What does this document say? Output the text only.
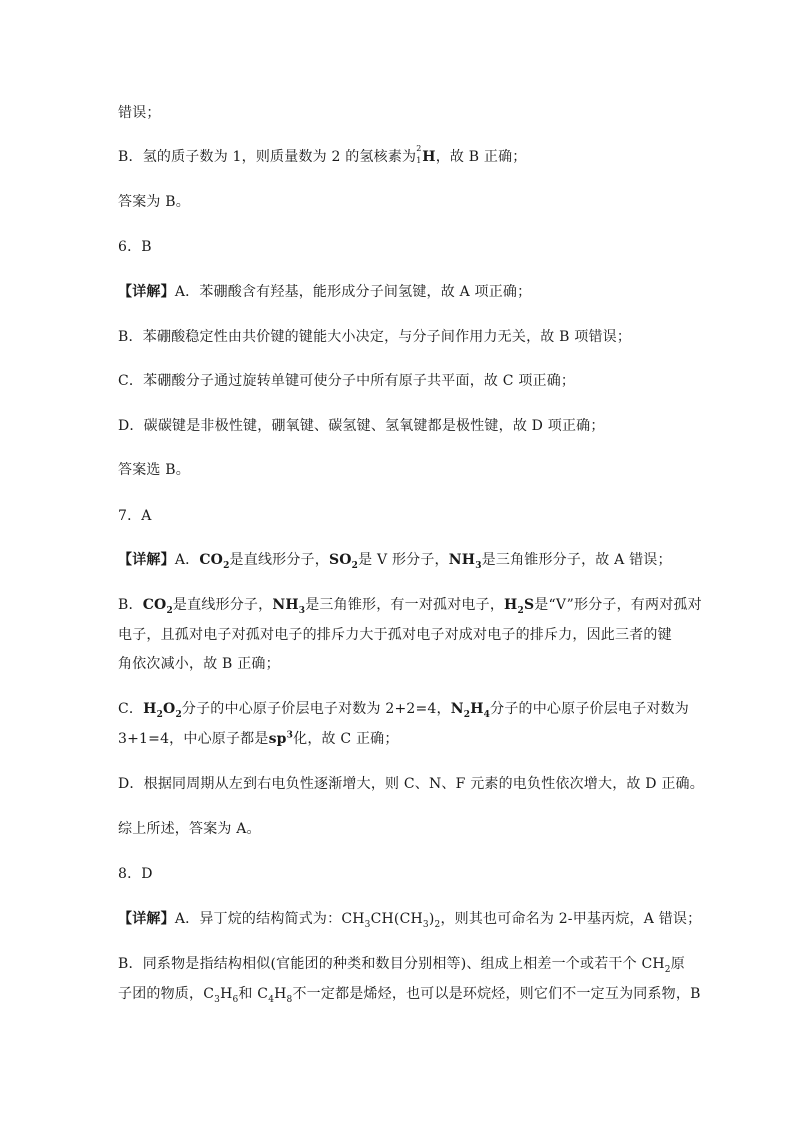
错误；
B．氢的质子数为 1，则质量数为 2 的氢核素为
2
1 H，故 B 正确；
答案为 B。
6．B
【详解】A．苯硼酸含有羟基，能形成分子间氢键，故 A 项正确；
B．苯硼酸稳定性由共价键的键能大小决定，与分子间作用力无关，故 B 项错误；
C．苯硼酸分子通过旋转单键可使分子中所有原子共平面，故 C 项正确；
D．碳碳键是非极性键，硼氧键、碳氢键、氢氧键都是极性键，故 D 项正确；
答案选 B。
7．A
【详解】A．$CO_2$是直线形分子，$SO_2$是 V 形分子，$NH_3$是三角锥形分子，故 A 错误；
B．$CO_2$是直线形分子，$NH_3$是三角锥形，有一对孤对电子，$H_2S$是“V”形分子，有两对孤对
电子，且孤对电子对孤对电子的排斥力大于孤对电子对成对电子的排斥力，因此三者的键
角依次减小，故 B 正确；
C．$H_2O_2$分子的中心原子价层电子对数为 2+2=4，$N_2H_4$分子的中心原子价层电子对数为
3+1=4，中心原子都是$sp^3$化，故 C 正确；
D．根据同周期从左到右电负性逐渐增大，则 C、N、F 元素的电负性依次增大，故 D 正确。
综上所述，答案为 A。
8．D
【详解】A．异丁烷的结构简式为：$CH_3CH(CH_3)_2$，则其也可命名为 2-甲基丙烷，A 错误；
B．同系物是指结构相似(官能团的种类和数目分别相等)、组成上相差一个或若干个 $CH_2$原
子团的物质，$C_3H_6$和 $C_4H_8$不一定都是烯烃，也可以是环烷烃，则它们不一定互为同系物，B
